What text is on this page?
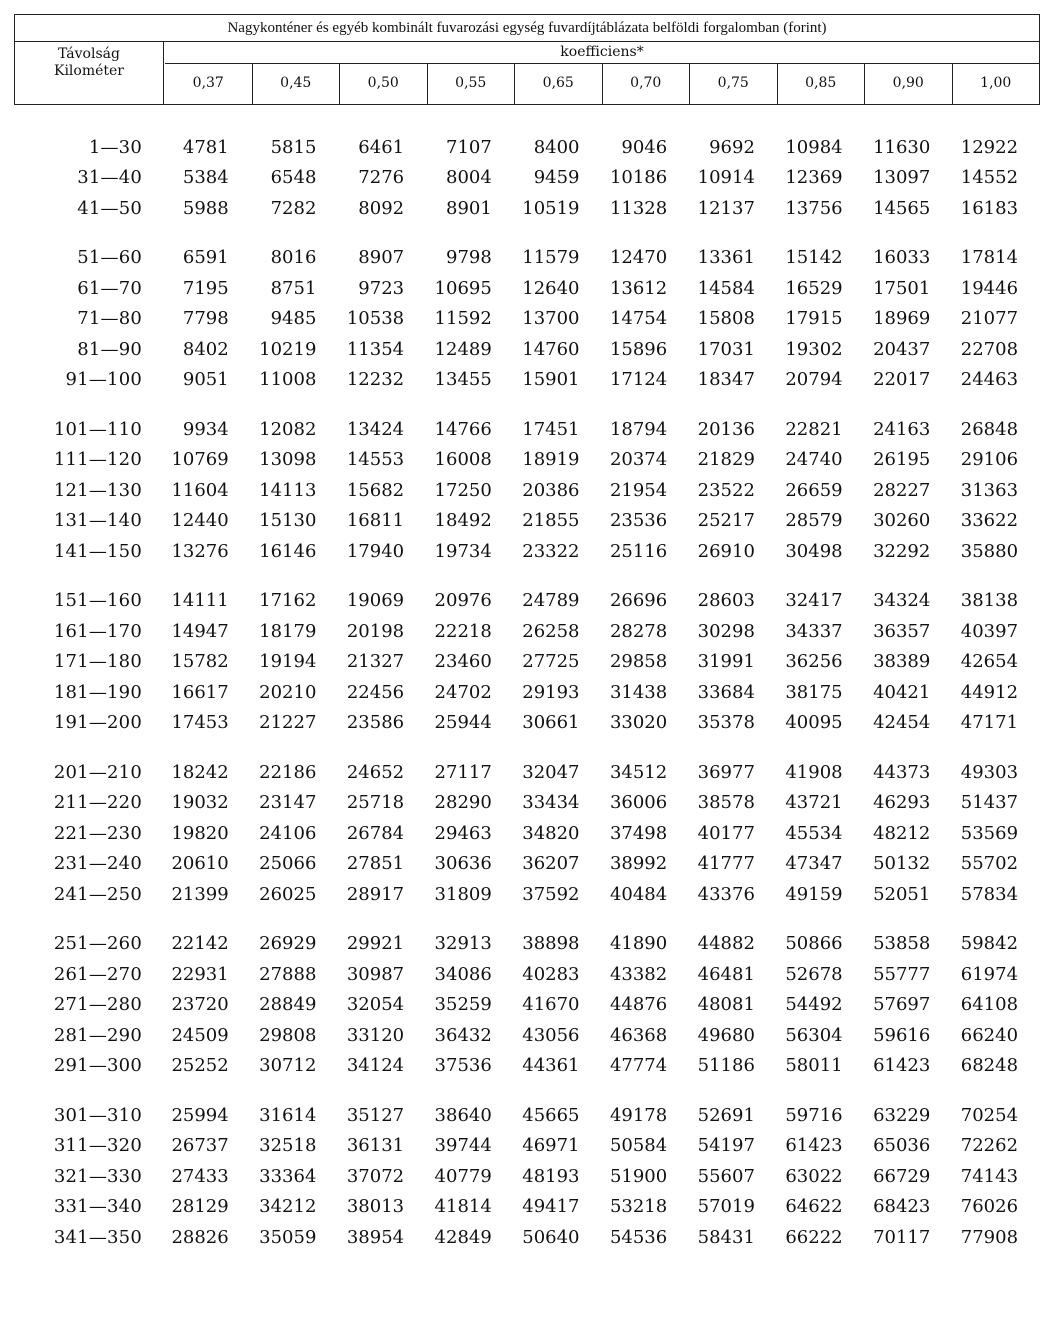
Nagykonténer és egyéb kombinált fuvarozási egység fuvardíjtáblázata belföldi forgalomban (forint)
Távolság
Kilométer
koefficiens*
0,37	0,45	0,50	0,55	0,65	0,70	0,75	0,85	0,90	1,00
1—30	4781	5815	6461	7107	8400	9046	9692	10984	11630	12922
31—40	5384	6548	7276	8004	9459	10186	10914	12369	13097	14552
41—50	5988	7282	8092	8901	10519	11328	12137	13756	14565	16183
51—60	6591	8016	8907	9798	11579	12470	13361	15142	16033	17814
61—70	7195	8751	9723	10695	12640	13612	14584	16529	17501	19446
71—80	7798	9485	10538	11592	13700	14754	15808	17915	18969	21077
81—90	8402	10219	11354	12489	14760	15896	17031	19302	20437	22708
91—100	9051	11008	12232	13455	15901	17124	18347	20794	22017	24463
101—110	9934	12082	13424	14766	17451	18794	20136	22821	24163	26848
111—120	10769	13098	14553	16008	18919	20374	21829	24740	26195	29106
121—130	11604	14113	15682	17250	20386	21954	23522	26659	28227	31363
131—140	12440	15130	16811	18492	21855	23536	25217	28579	30260	33622
141—150	13276	16146	17940	19734	23322	25116	26910	30498	32292	35880
151—160	14111	17162	19069	20976	24789	26696	28603	32417	34324	38138
161—170	14947	18179	20198	22218	26258	28278	30298	34337	36357	40397
171—180	15782	19194	21327	23460	27725	29858	31991	36256	38389	42654
181—190	16617	20210	22456	24702	29193	31438	33684	38175	40421	44912
191—200	17453	21227	23586	25944	30661	33020	35378	40095	42454	47171
201—210	18242	22186	24652	27117	32047	34512	36977	41908	44373	49303
211—220	19032	23147	25718	28290	33434	36006	38578	43721	46293	51437
221—230	19820	24106	26784	29463	34820	37498	40177	45534	48212	53569
231—240	20610	25066	27851	30636	36207	38992	41777	47347	50132	55702
241—250	21399	26025	28917	31809	37592	40484	43376	49159	52051	57834
251—260	22142	26929	29921	32913	38898	41890	44882	50866	53858	59842
261—270	22931	27888	30987	34086	40283	43382	46481	52678	55777	61974
271—280	23720	28849	32054	35259	41670	44876	48081	54492	57697	64108
281—290	24509	29808	33120	36432	43056	46368	49680	56304	59616	66240
291—300	25252	30712	34124	37536	44361	47774	51186	58011	61423	68248
301—310	25994	31614	35127	38640	45665	49178	52691	59716	63229	70254
311—320	26737	32518	36131	39744	46971	50584	54197	61423	65036	72262
321—330	27433	33364	37072	40779	48193	51900	55607	63022	66729	74143
331—340	28129	34212	38013	41814	49417	53218	57019	64622	68423	76026
341—350	28826	35059	38954	42849	50640	54536	58431	66222	70117	77908
